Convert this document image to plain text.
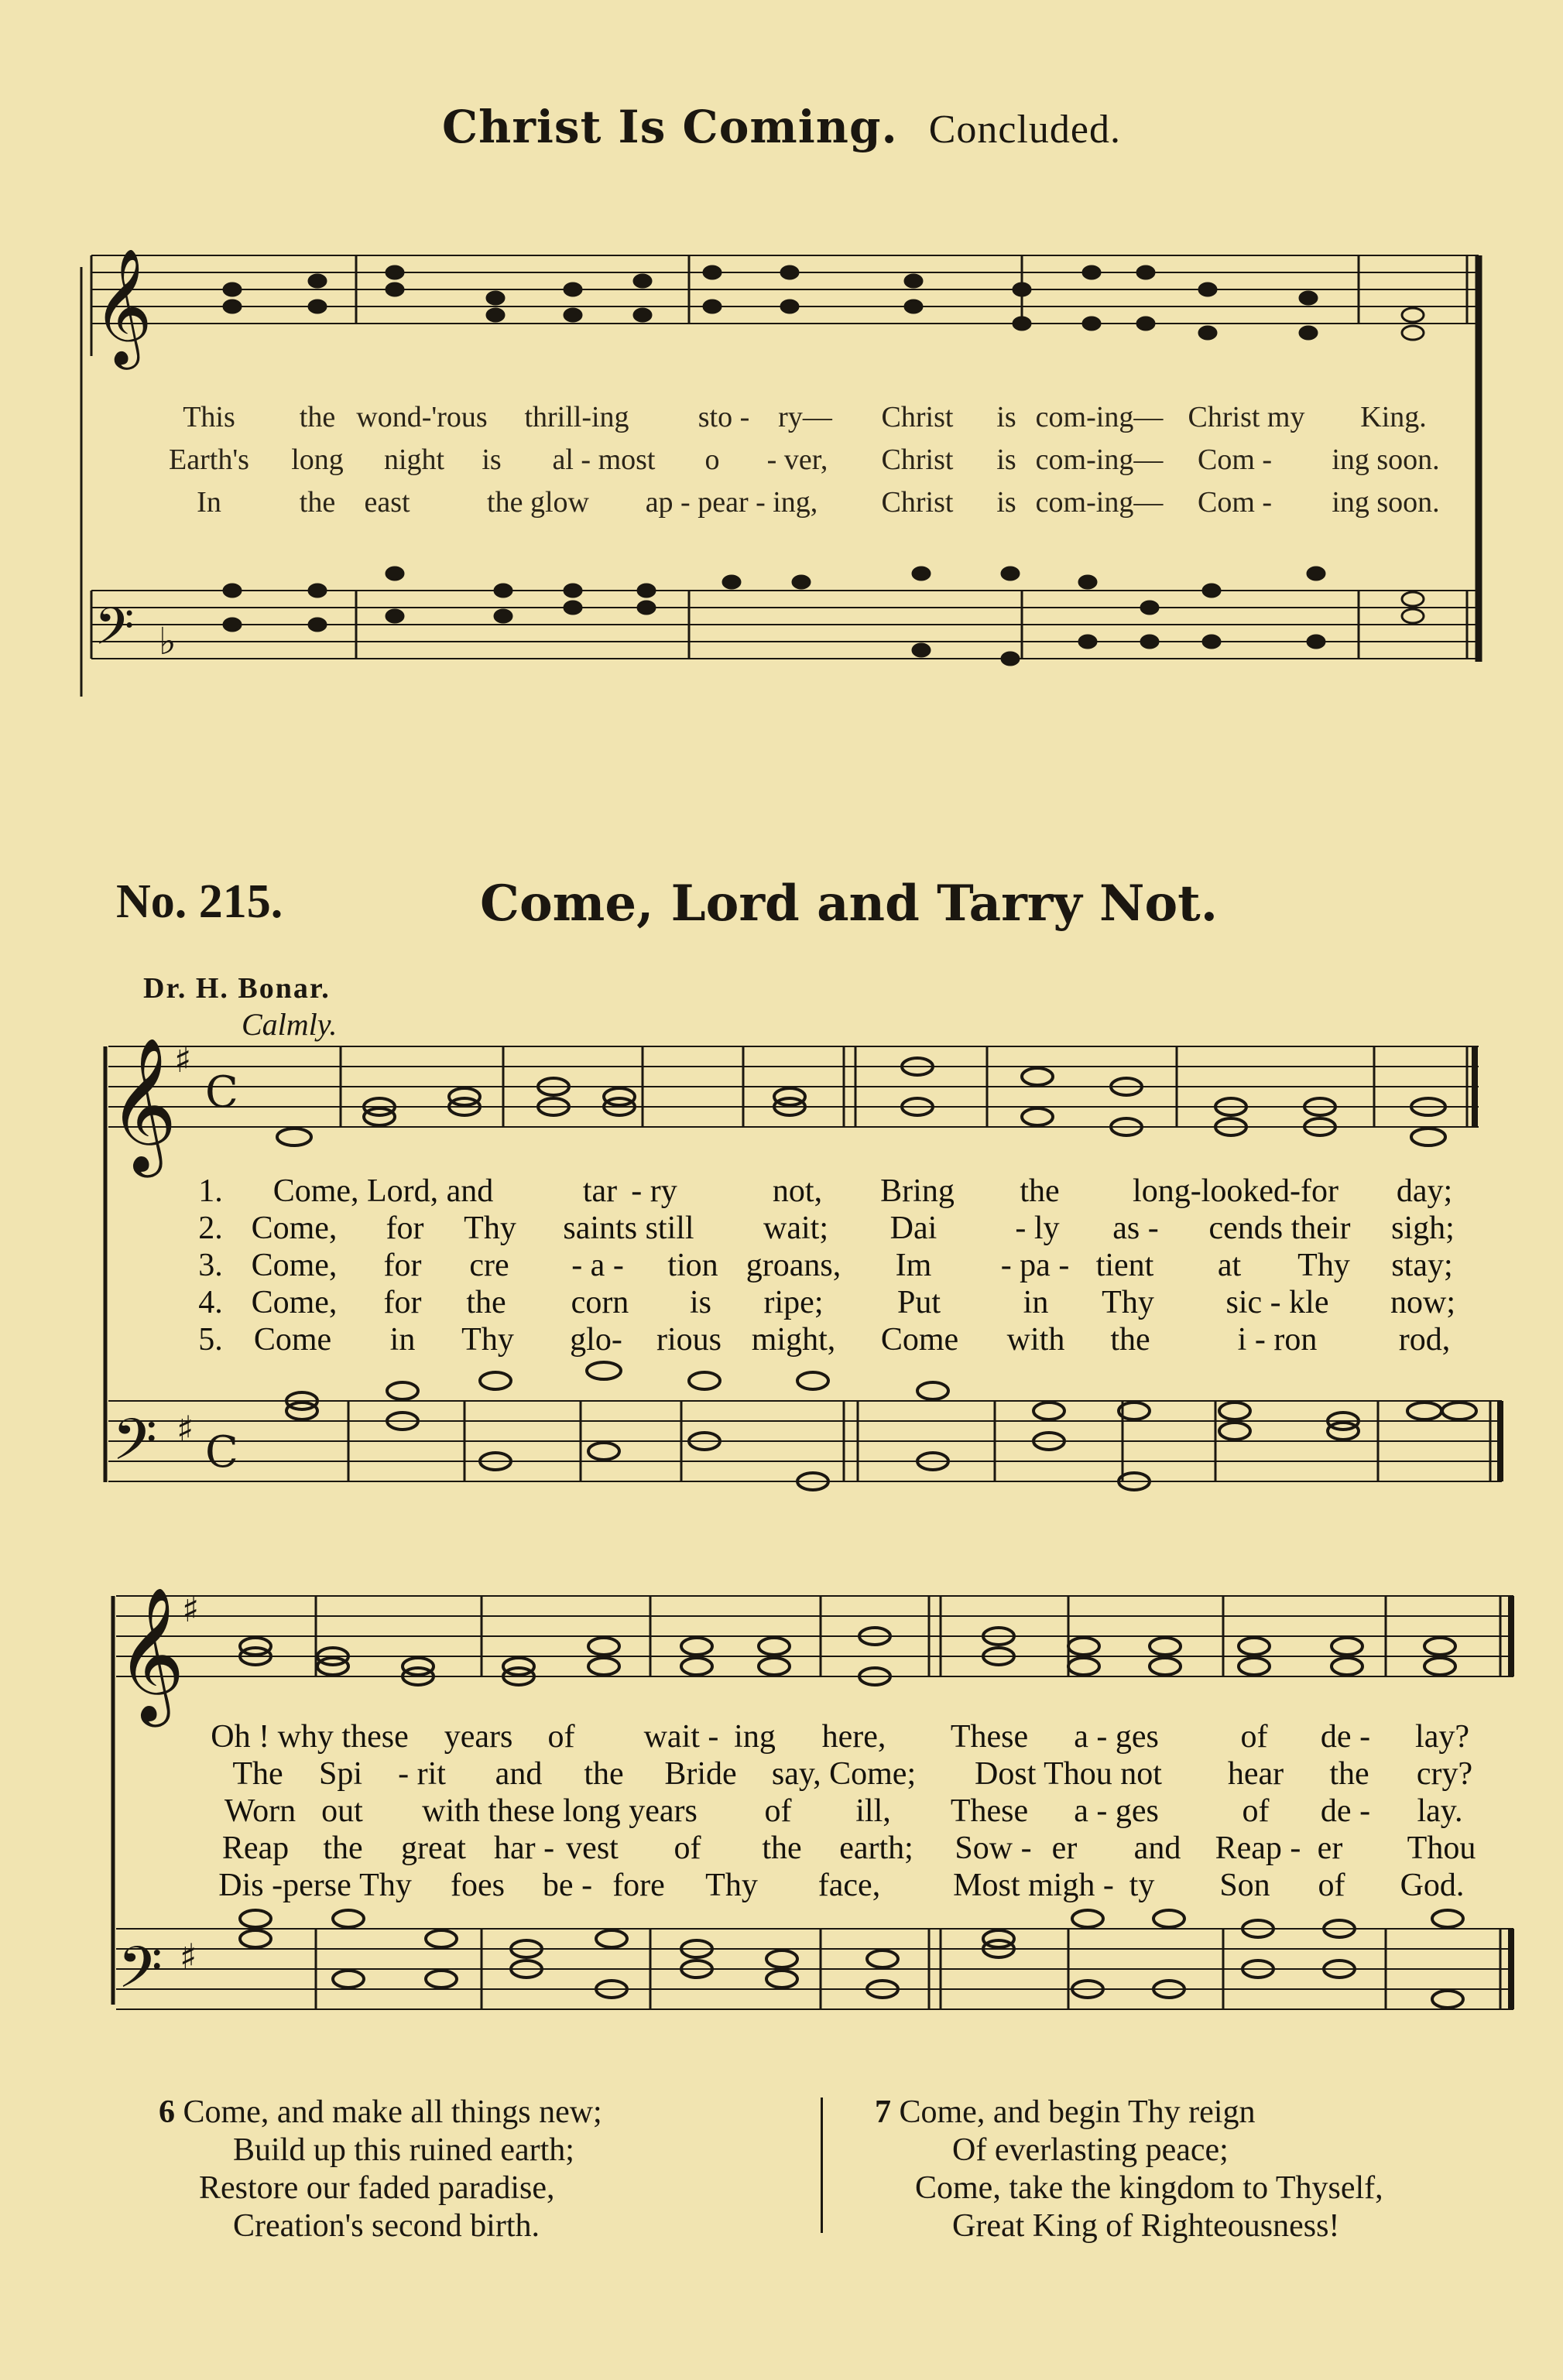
Christ Is Coming. Concluded.
𝄞
𝄢 ♭
𝄞
♯
C
𝄢 ♯ C
𝄞
♯
𝄢 ♯
This the wond-'rous thrill-ing sto - ry— Christ is com-ing— Christ my King.
Earth's long night is al - most o - ver, Christ is com-ing— Com - ing soon.
In	the east	the glow ap - pear - ing, Christ is com-ing— Com - ing soon.
No. 215.	Come, Lord and Tarry Not.
Dr. H. Bonar.
Calmly.
1. Come, Lord, and	tar - ry	not, Bring the long-looked-for day;
2. Come, for Thy saints still wait; Dai - ly as - cends their sigh;
3. Come, for cre - a - tion groans, Im - pa - tient at Thy stay;
4. Come, for the corn is ripe; Put	in Thy sic - kle now;
5. Come in Thy glo- rious might, Come with the	i - ron	rod,
Oh ! why these years of wait - ing here, These a - ges	of de - lay?
The Spi - rit and the Bride say, Come; Dost Thou not hear the cry?
Worn out with these long years of ill, These a - ges	of de - lay.
Reap the great har - vest of the earth; Sow - er and Reap - er Thou
Dis -perse Thy foes be - fore Thy face, Most migh - ty Son of God.
6 Come, and make all things new;
Build up this ruined earth;
Restore our faded paradise,
Creation's second birth.
7 Come, and begin Thy reign
Of everlasting peace;
Come, take the kingdom to Thyself,
Great King of Righteousness!
